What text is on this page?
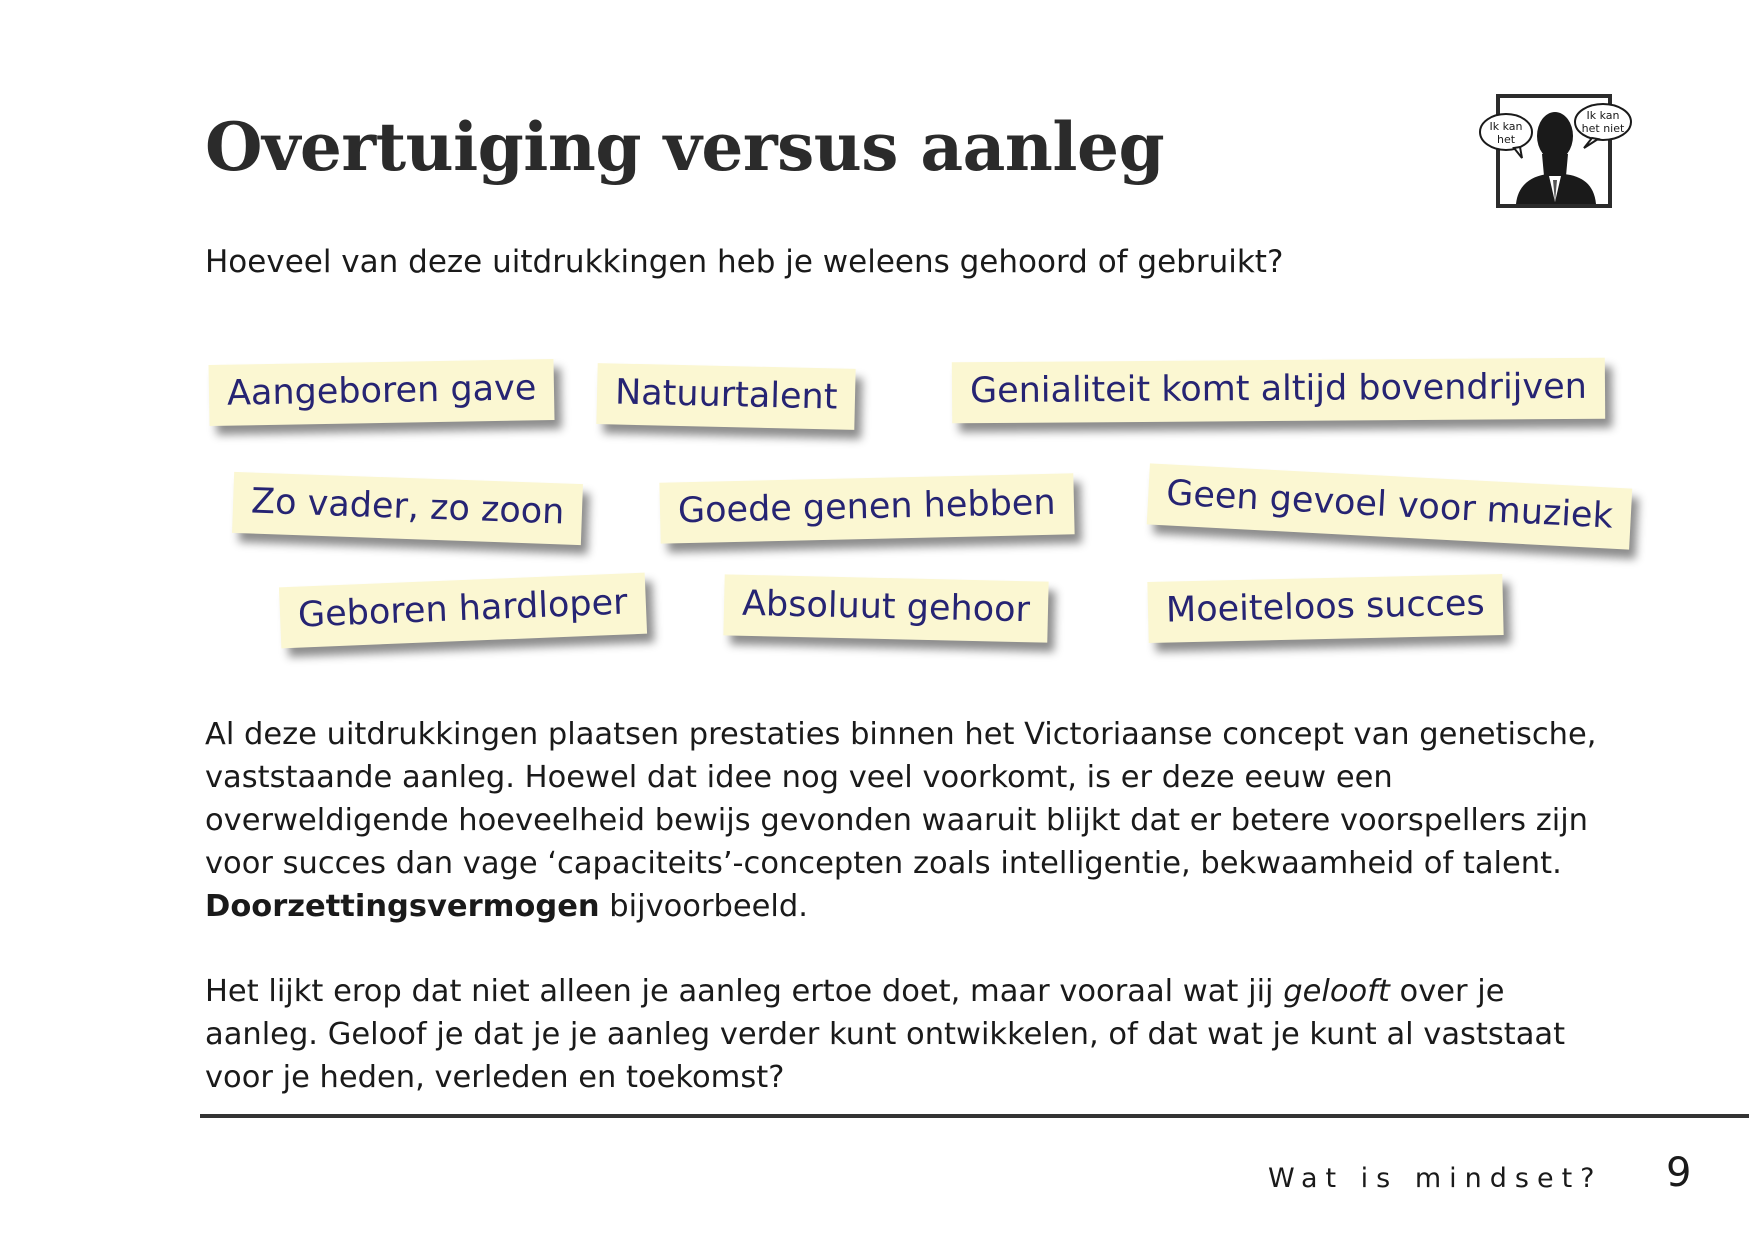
Overtuiging versus aanleg	Ik kan
het
Ik kan
het niet
Hoeveel van deze uitdrukkingen heb je weleens gehoord of gebruikt?
Aangeboren gave	Natuurtalent	Genialiteit komt altijd bovendrijven
Zo vader, zo zoon	Goede genen hebben	Geen gevoel voor muziek
Geboren hardloper	Absoluut gehoor	Moeiteloos succes

Al deze uitdrukkingen plaatsen prestaties binnen het Victoriaanse concept van genetische, vaststaande aanleg. Hoewel dat idee nog veel voorkomt, is er deze eeuw een overweldigende hoeveelheid bewijs gevonden waaruit blijkt dat er betere voorspellers zijn voor succes dan vage ‘capaciteits’-concepten zoals intelligentie, bekwaamheid of talent. Doorzettingsvermogen bijvoorbeeld.

Het lijkt erop dat niet alleen je aanleg ertoe doet, maar vooraal wat jij gelooft over je aanleg. Geloof je dat je je aanleg verder kunt ontwikkelen, of dat wat je kunt al vaststaat voor je heden, verleden en toekomst?

Wat is mindset? 9
